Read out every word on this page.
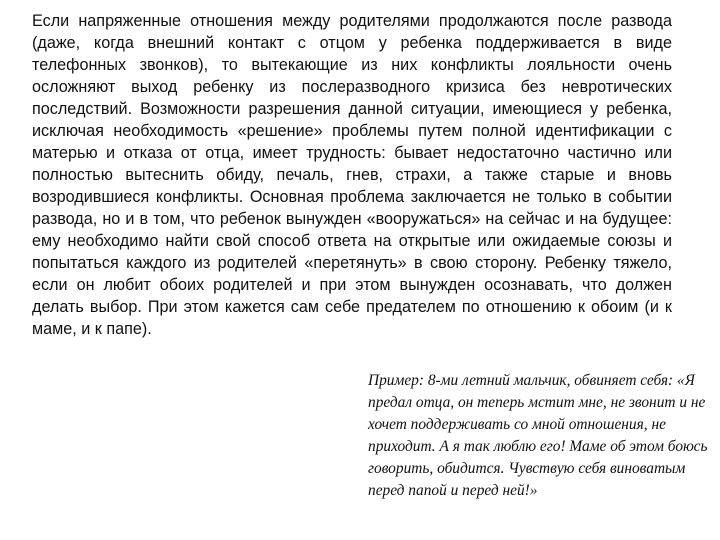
Если напряженные отношения между родителями продолжаются после развода (даже, когда внешний контакт с отцом у ребенка поддерживается в виде телефонных звонков), то вытекающие из них конфликты лояльности очень осложняют выход ребенку из послеразводного кризиса без невротических последствий. Возможности разрешения данной ситуации, имеющиеся у ребенка, исключая необходимость «решение» проблемы путем полной идентификации с матерью и отказа от отца, имеет трудность: бывает недостаточно частично или полностью вытеснить обиду, печаль, гнев, страхи, а также старые и вновь возродившиеся конфликты. Основная проблема заключается не только в событии развода, но и в том, что ребенок вынужден «вооружаться» на сейчас и на будущее: ему необходимо найти свой способ ответа на открытые или ожидаемые союзы и попытаться каждого из родителей «перетянуть» в свою сторону. Ребенку тяжело, если он любит обоих родителей и при этом вынужден осознавать, что должен делать выбор. При этом кажется сам себе предателем по отношению к обоим (и к маме, и к папе).

Пример: 8-ми летний мальчик, обвиняет себя: «Я предал отца, он теперь мстит мне, не звонит и не хочет поддерживать со мной отношения, не приходит. А я так люблю его! Маме об этом боюсь говорить, обидится. Чувствую себя виноватым перед папой и перед ней!»
